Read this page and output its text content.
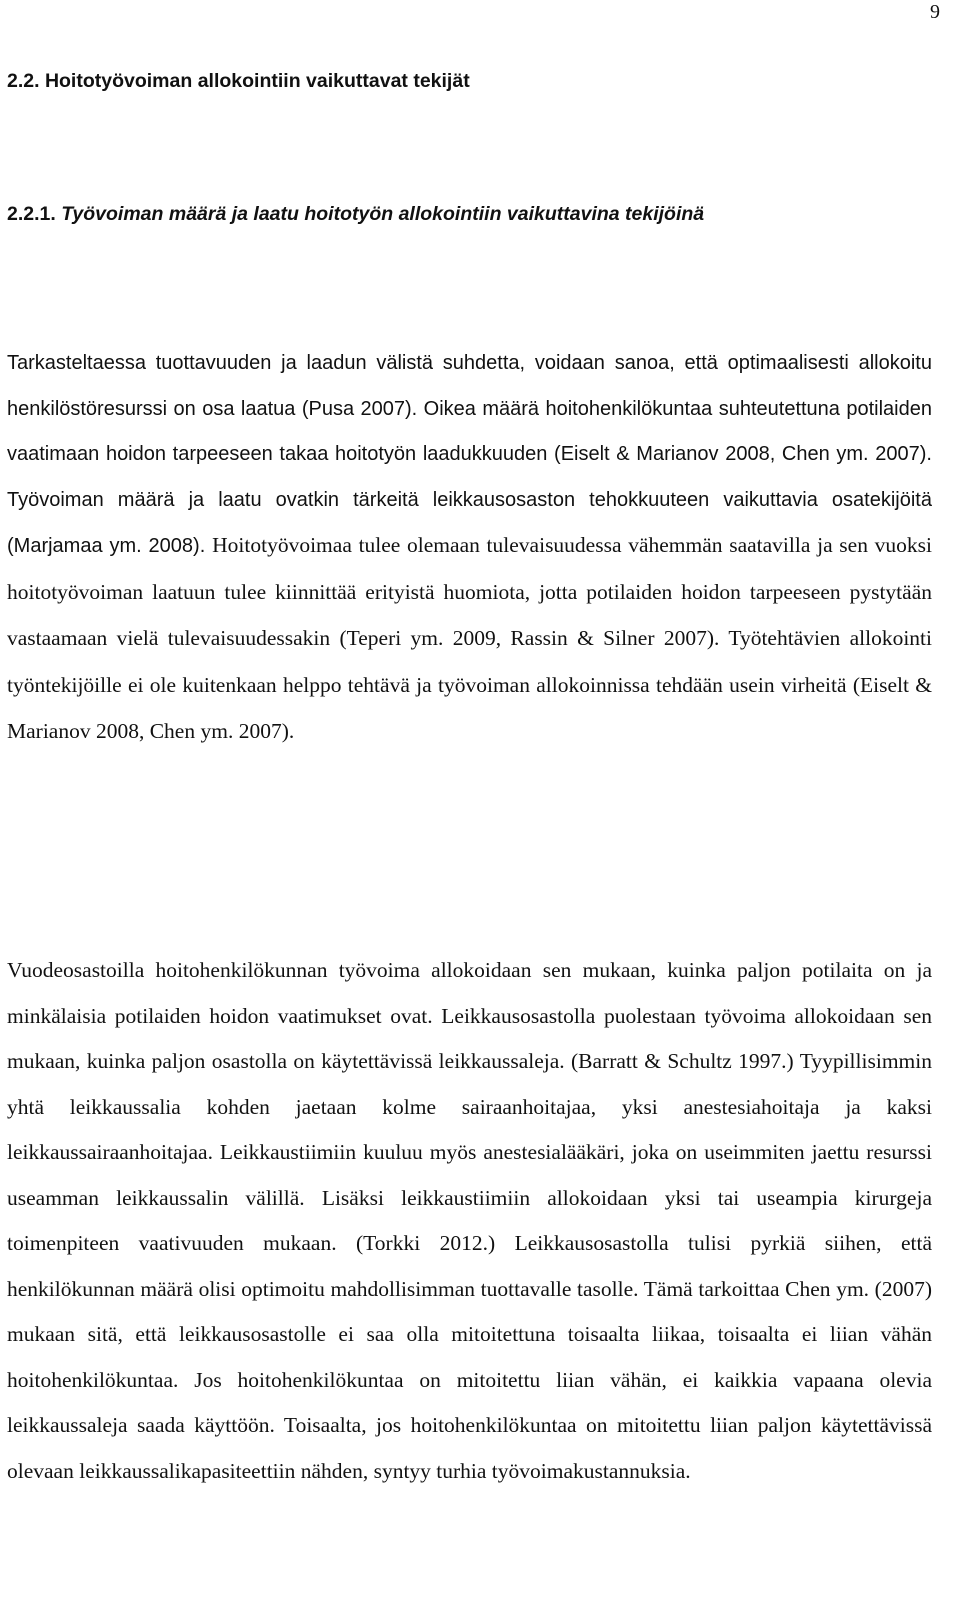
9
2.2. Hoitotyövoiman allokointiin vaikuttavat tekijät
2.2.1. Työvoiman määrä ja laatu hoitotyön allokointiin vaikuttavina tekijöinä

Tarkasteltaessa tuottavuuden ja laadun välistä suhdetta, voidaan sanoa, että optimaalisesti allokoitu henkilöstöresurssi on osa laatua (Pusa 2007). Oikea määrä hoitohenkilökuntaa suhteutettuna potilaiden vaatimaan hoidon tarpeeseen takaa hoitotyön laadukkuuden (Eiselt & Marianov 2008, Chen ym. 2007). Työvoiman määrä ja laatu ovatkin tärkeitä leikkausosaston tehokkuuteen vaikuttavia osatekijöitä (Marjamaa ym. 2008). Hoitotyövoimaa tulee olemaan tulevaisuudessa vähemmän saatavilla ja sen vuoksi hoitotyövoiman laatuun tulee kiinnittää erityistä huomiota, jotta potilaiden hoidon tarpeeseen pystytään vastaamaan vielä tulevaisuudessakin (Teperi ym. 2009, Rassin & Silner 2007). Työtehtävien allokointi työntekijöille ei ole kuitenkaan helppo tehtävä ja työvoiman allokoinnissa tehdään usein virheitä (Eiselt & Marianov 2008, Chen ym. 2007).

Vuodeosastoilla hoitohenkilökunnan työvoima allokoidaan sen mukaan, kuinka paljon potilaita on ja minkälaisia potilaiden hoidon vaatimukset ovat. Leikkausosastolla puolestaan työvoima allokoidaan sen mukaan, kuinka paljon osastolla on käytettävissä leikkaussaleja. (Barratt & Schultz 1997.) Tyypillisimmin yhtä leikkaussalia kohden jaetaan kolme sairaanhoitajaa, yksi anestesiahoitaja ja kaksi leikkaussairaanhoitajaa. Leikkaustiimiin kuuluu myös anestesialääkäri, joka on useimmiten jaettu resurssi useamman leikkaussalin välillä. Lisäksi leikkaustiimiin allokoidaan yksi tai useampia kirurgeja toimenpiteen vaativuuden mukaan. (Torkki 2012.) Leikkausosastolla tulisi pyrkiä siihen, että henkilökunnan määrä olisi optimoitu mahdollisimman tuottavalle tasolle. Tämä tarkoittaa Chen ym. (2007) mukaan sitä, että leikkausosastolle ei saa olla mitoitettuna toisaalta liikaa, toisaalta ei liian vähän hoitohenkilökuntaa. Jos hoitohenkilökuntaa on mitoitettu liian vähän, ei kaikkia vapaana olevia leikkaussaleja saada käyttöön. Toisaalta, jos hoitohenkilökuntaa on mitoitettu liian paljon käytettävissä olevaan leikkaussalikapasiteettiin nähden, syntyy turhia työvoimakustannuksia.
